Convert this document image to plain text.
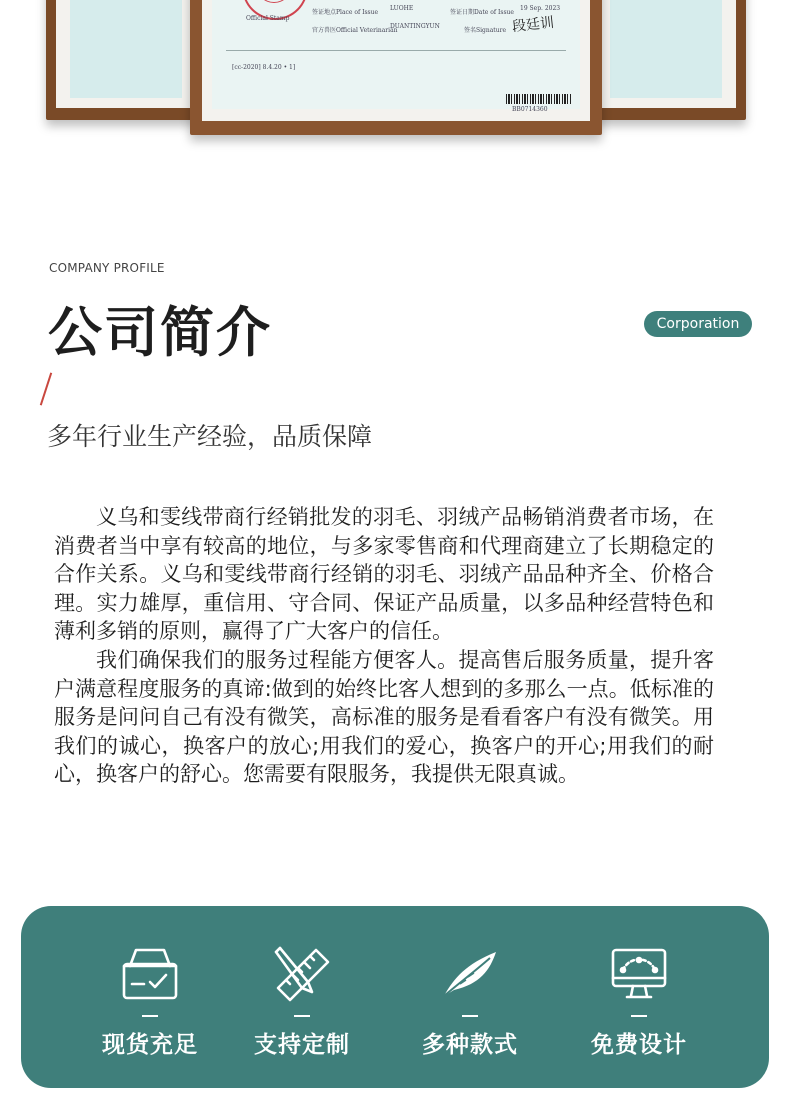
签证地点Place of Issue
LUOHE
签证日期Date of Issue
19 Sep. 2023
Official Stamp
官方兽医Official Veterinarian
DUANTINGYUN
签名Signature 段廷训
[cc-2020] 8.4.20 • 1]
BB0714360
COMPANY PROFILE
公司简介	Corporation
多年行业生产经验，品质保障

义乌和雯线带商行经销批发的羽毛、羽绒产品畅销消费者市场，在消费者当中享有较高的地位，与多家零售商和代理商建立了长期稳定的合作关系。义乌和雯线带商行经销的羽毛、羽绒产品品种齐全、价格合理。实力雄厚，重信用、守合同、保证产品质量，以多品种经营特色和薄利多销的原则，赢得了广大客户的信任。

我们确保我们的服务过程能方便客人。提高售后服务质量，提升客户满意程度服务的真谛:做到的始终比客人想到的多那么一点。低标准的服务是问问自己有没有微笑，高标准的服务是看看客户有没有微笑。用我们的诚心，换客户的放心;用我们的爱心，换客户的开心;用我们的耐心，换客户的舒心。您需要有限服务，我提供无限真诚。

现货充足	支持定制	多种款式	免费设计
